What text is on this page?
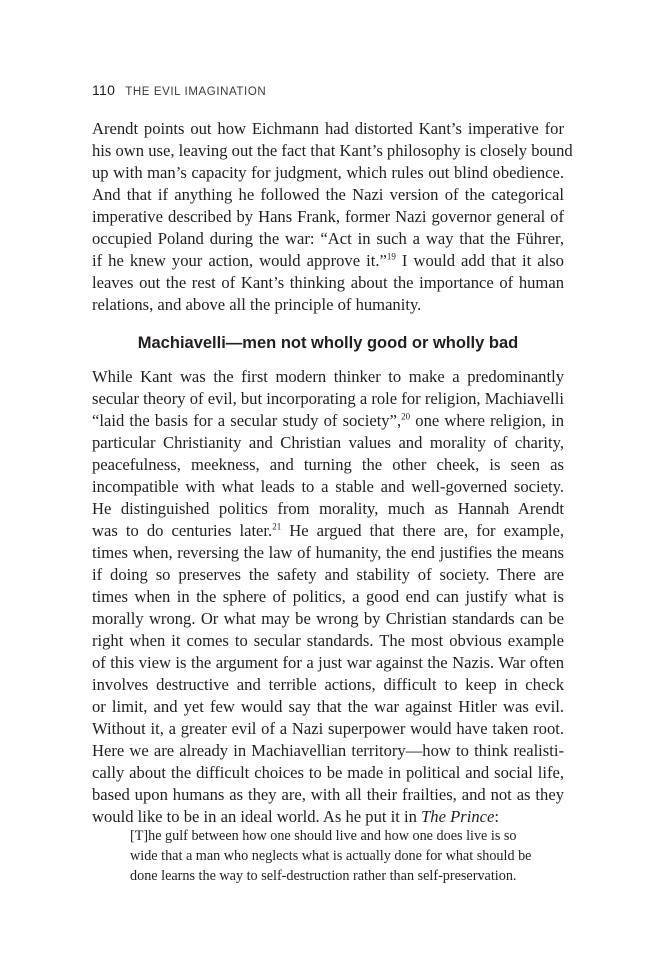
110 THE EVIL IMAGINATION
Arendt points out how Eichmann had distorted Kant’s imperative for
his own use, leaving out the fact that Kant’s philosophy is closely bound
up with man’s capacity for judgment, which rules out blind obedience.
And that if anything he followed the Nazi version of the categorical
imperative described by Hans Frank, former Nazi governor general of
occupied Poland during the war: “Act in such a way that the Führer,
if he knew your action, would approve it.”$^{19}$ I would add that it also
leaves out the rest of Kant’s thinking about the importance of human
relations, and above all the principle of humanity.
Machiavelli—men not wholly good or wholly bad
While Kant was the first modern thinker to make a predominantly
secular theory of evil, but incorporating a role for religion, Machiavelli
“laid the basis for a secular study of society”,$^{20}$ one where religion, in
particular Christianity and Christian values and morality of charity,
peacefulness, meekness, and turning the other cheek, is seen as
incompatible with what leads to a stable and well-governed society.
He distinguished politics from morality, much as Hannah Arendt
was to do centuries later.$^{21}$ He argued that there are, for example,
times when, reversing the law of humanity, the end justifies the means
if doing so preserves the safety and stability of society. There are
times when in the sphere of politics, a good end can justify what is
morally wrong. Or what may be wrong by Christian standards can be
right when it comes to secular standards. The most obvious example
of this view is the argument for a just war against the Nazis. War often
involves destructive and terrible actions, difficult to keep in check
or limit, and yet few would say that the war against Hitler was evil.
Without it, a greater evil of a Nazi superpower would have taken root.
Here we are already in Machiavellian territory—how to think realisti-
cally about the difficult choices to be made in political and social life,
based upon humans as they are, with all their frailties, and not as they
would like to be in an ideal world. As he put it in The Prince:
[T]he gulf between how one should live and how one does live is so
wide that a man who neglects what is actually done for what should be
done learns the way to self-destruction rather than self-preservation.
